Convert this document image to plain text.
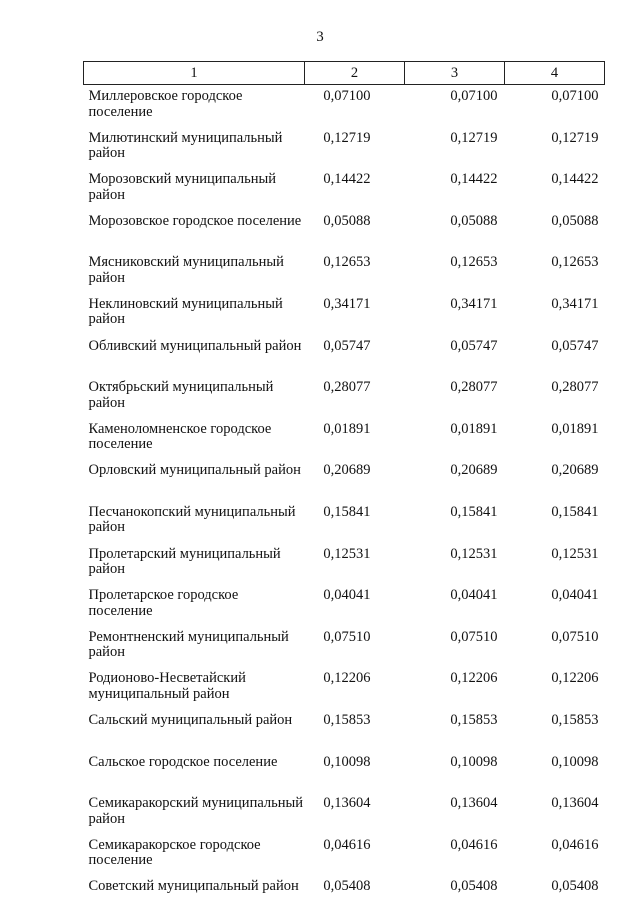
3
1	2	3	4
Миллеровское городское поселение	0,07100	0,07100	0,07100
Милютинский муниципальный район	0,12719	0,12719	0,12719
Морозовский муниципальный район	0,14422	0,14422	0,14422
Морозовское городское поселение	0,05088	0,05088	0,05088
Мясниковский муниципальный район	0,12653	0,12653	0,12653
Неклиновский муниципальный район	0,34171	0,34171	0,34171
Обливский муниципальный район	0,05747	0,05747	0,05747
Октябрьский муниципальный район	0,28077	0,28077	0,28077
Каменоломненское городское поселение	0,01891	0,01891	0,01891
Орловский муниципальный район	0,20689	0,20689	0,20689
Песчанокопский муниципальный район	0,15841	0,15841	0,15841
Пролетарский муниципальный район	0,12531	0,12531	0,12531
Пролетарское городское поселение	0,04041	0,04041	0,04041
Ремонтненский муниципальный район	0,07510	0,07510	0,07510
Родионово-Несветайский муниципальный район	0,12206	0,12206	0,12206
Сальский муниципальный район	0,15853	0,15853	0,15853
Сальское городское поселение	0,10098	0,10098	0,10098
Семикаракорский муниципальный район	0,13604	0,13604	0,13604
Семикаракорское городское поселение	0,04616	0,04616	0,04616
Советский муниципальный район	0,05408	0,05408	0,05408
